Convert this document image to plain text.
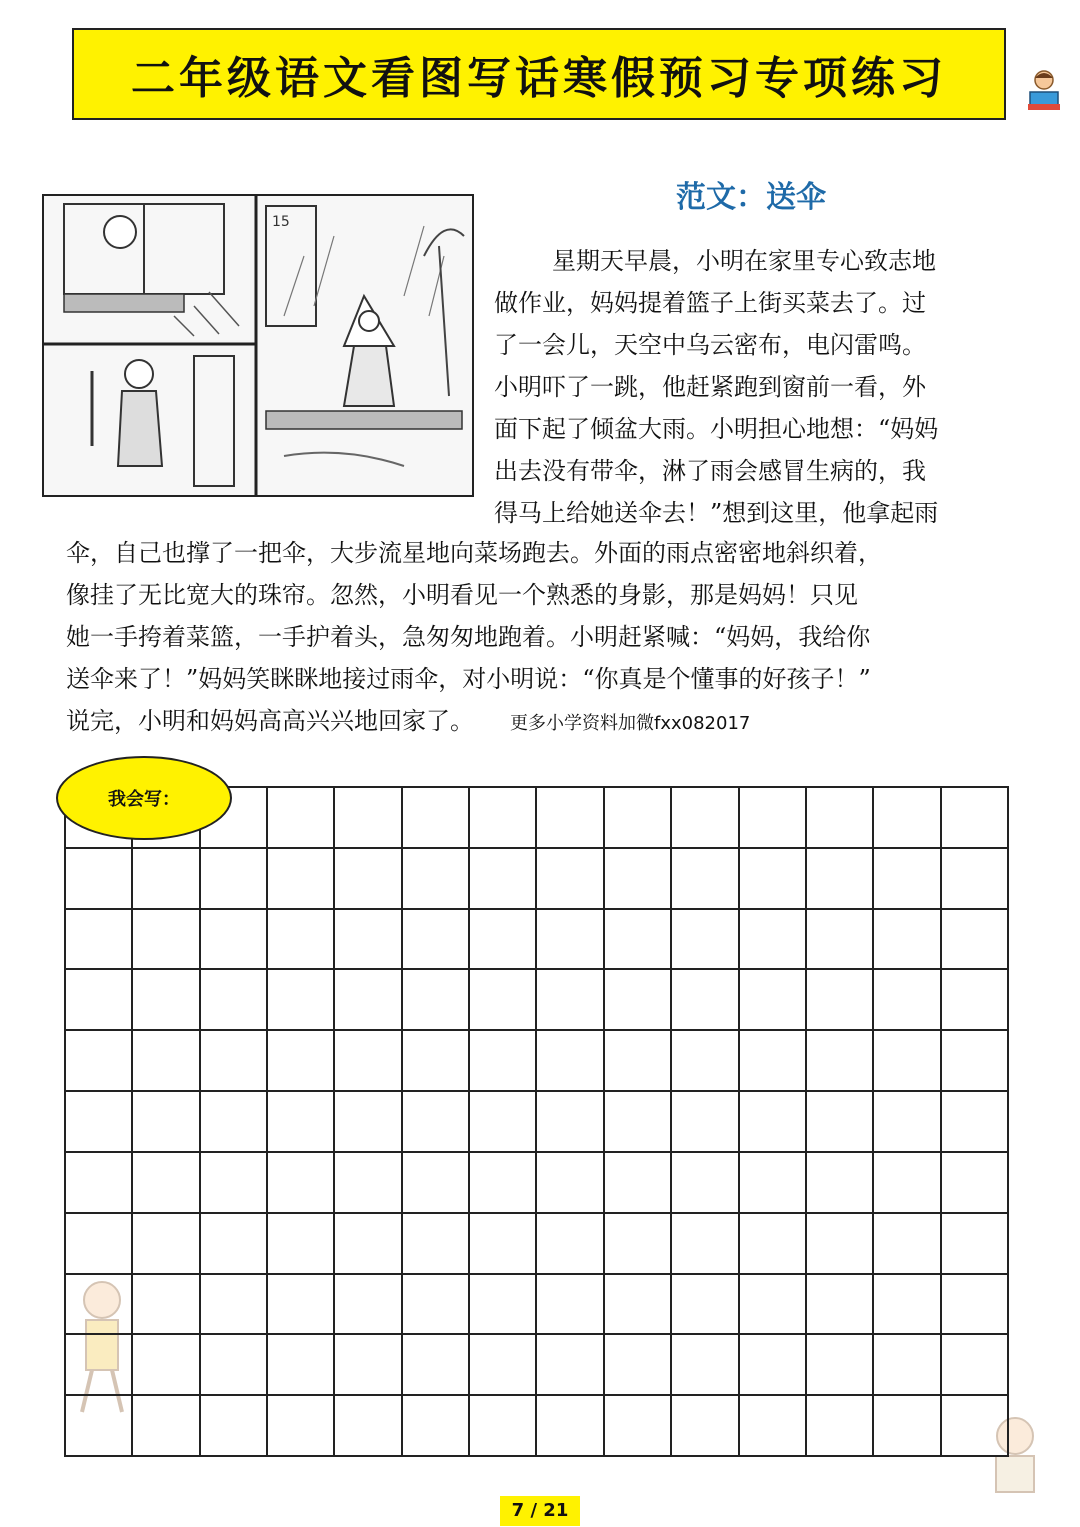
二年级语文看图写话寒假预习专项练习
15
范文：送伞

星期天早晨，小明在家里专心致志地
做作业，妈妈提着篮子上街买菜去了。过
了一会儿，天空中乌云密布，电闪雷鸣。
小明吓了一跳，他赶紧跑到窗前一看，外
面下起了倾盆大雨。小明担心地想：“妈妈
出去没有带伞，淋了雨会感冒生病的，我
得马上给她送伞去！”想到这里，他拿起雨

伞，自己也撑了一把伞，大步流星地向菜场跑去。外面的雨点密密地斜织着，
像挂了无比宽大的珠帘。忽然，小明看见一个熟悉的身影，那是妈妈！只见
她一手挎着菜篮，一手护着头，急匆匆地跑着。小明赶紧喊：“妈妈，我给你
送伞来了！”妈妈笑眯眯地接过雨伞，对小明说：“你真是个懂事的好孩子！”
说完，小明和妈妈高高兴兴地回家了。 更多小学资料加微fxx082017

我会写：
7 / 21
